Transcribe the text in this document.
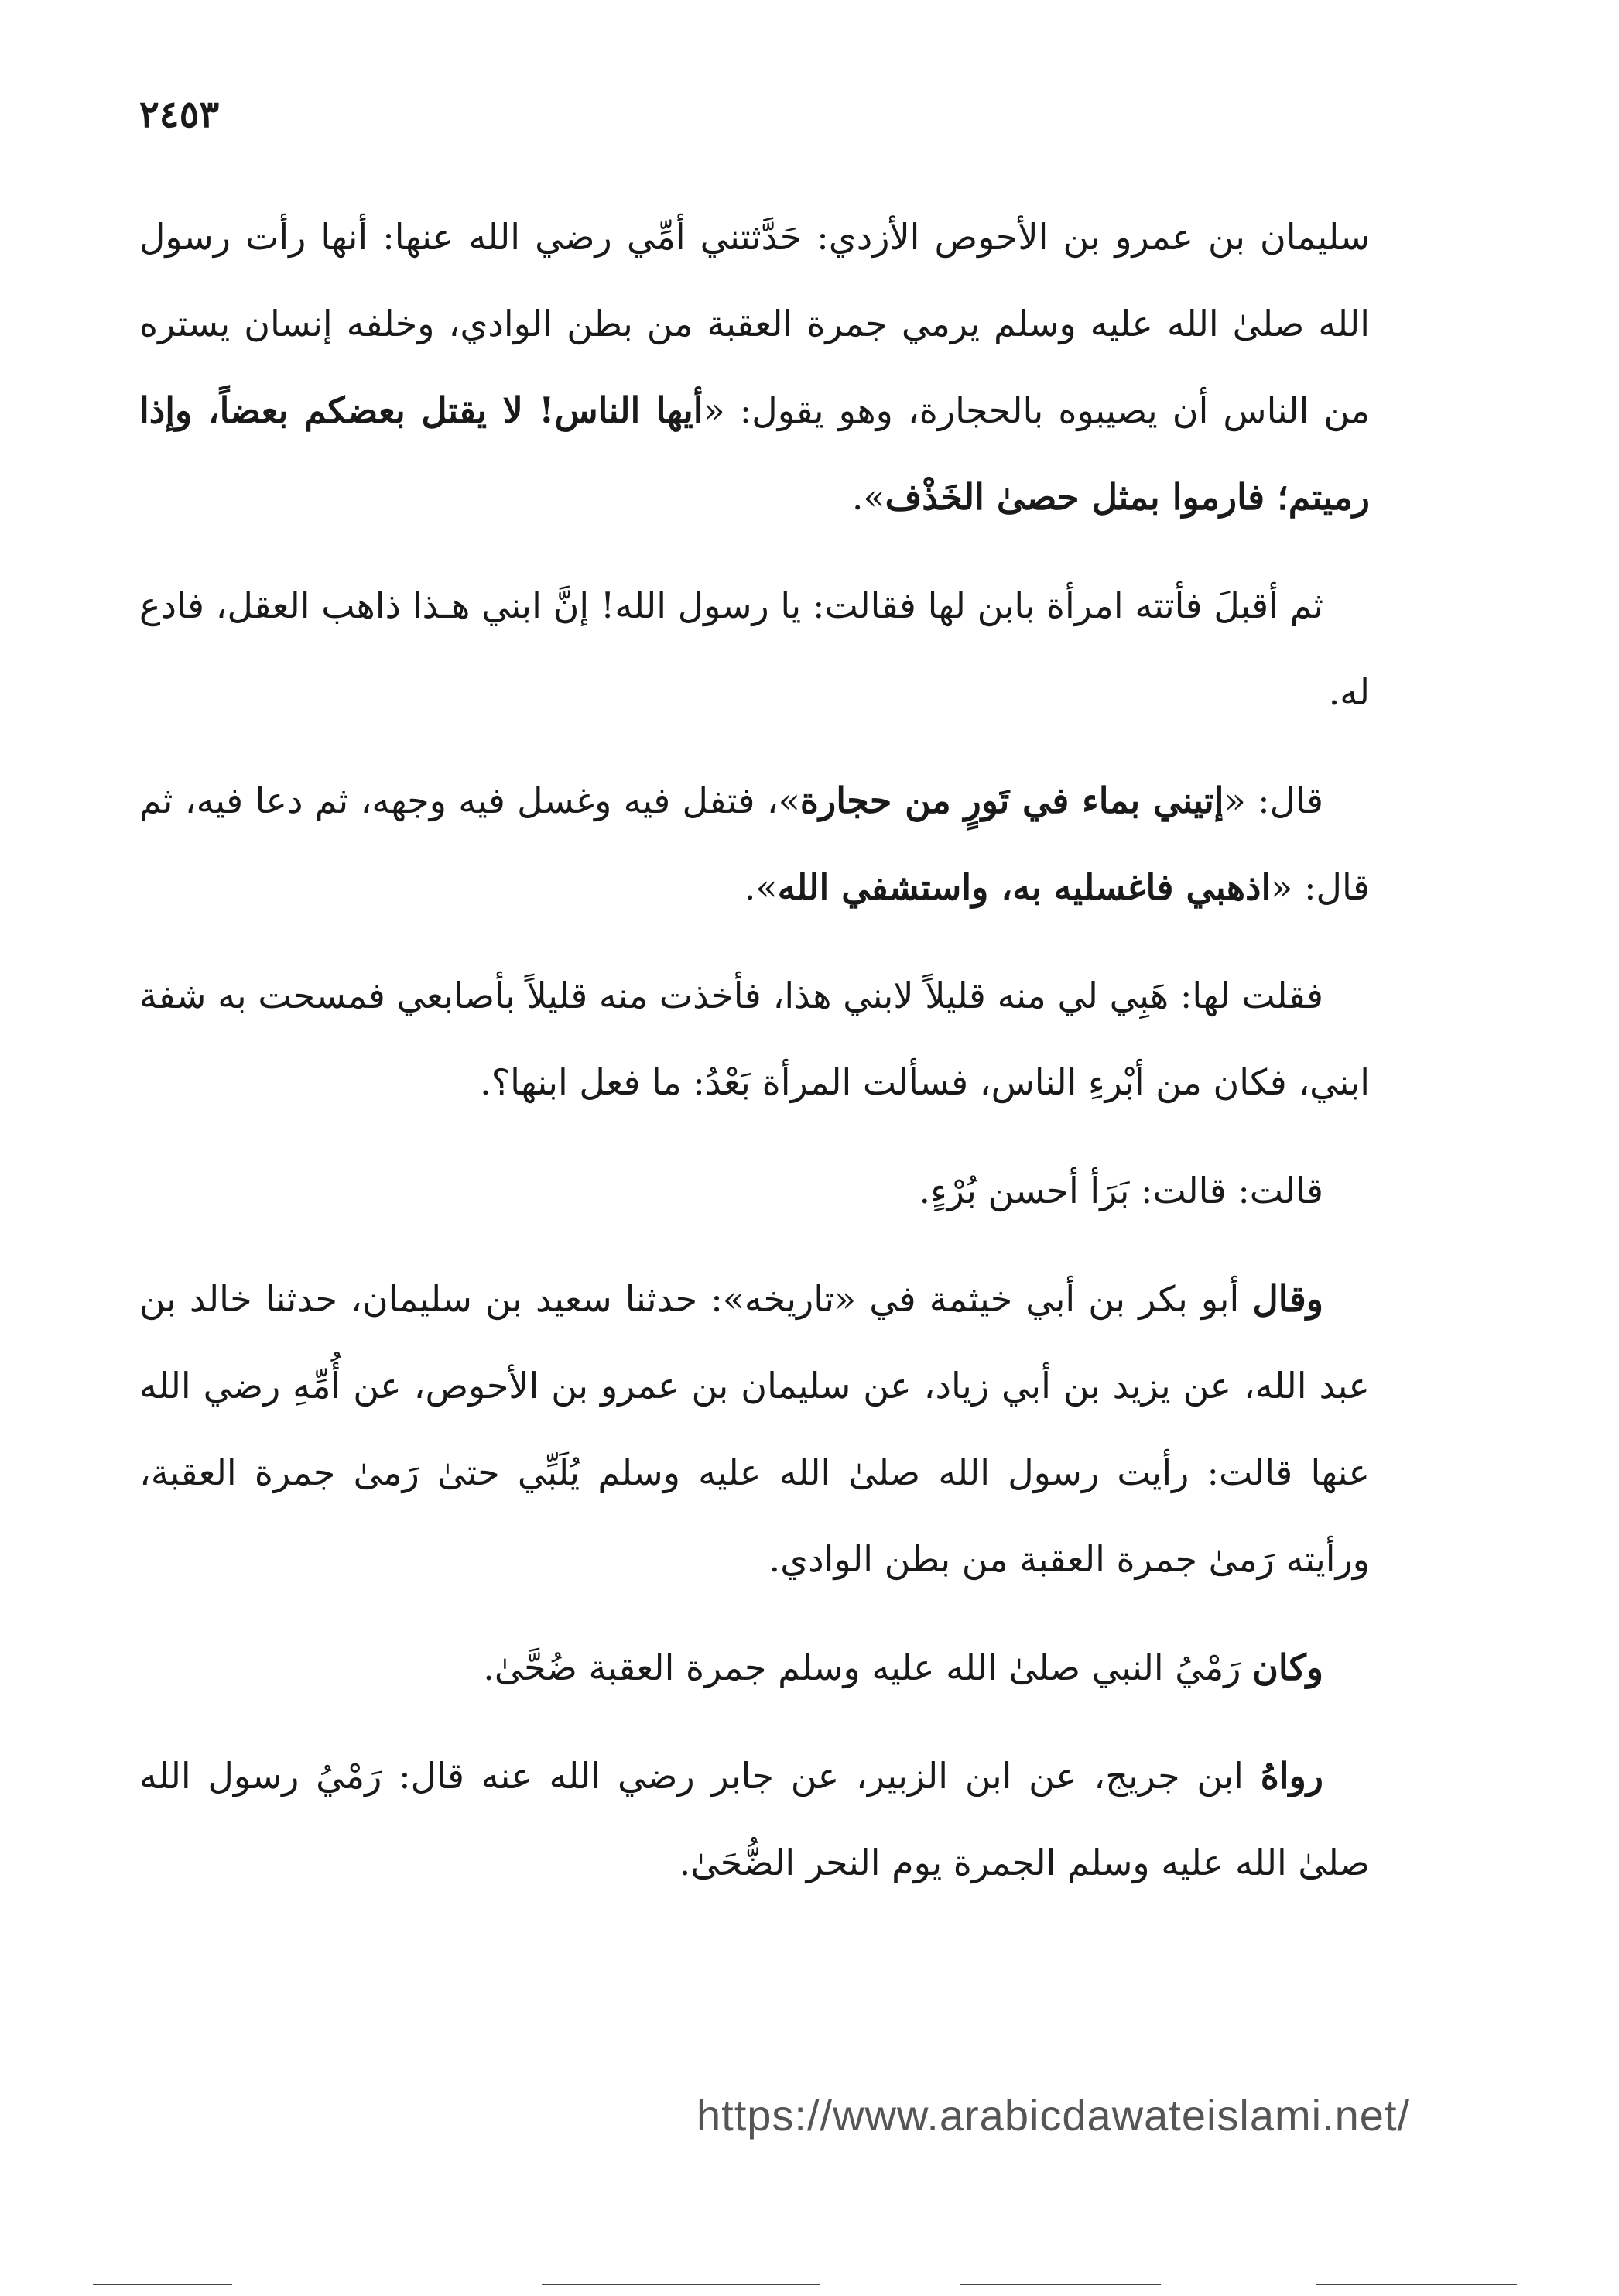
٢٤٥٣

سليمان بن عمرو بن الأحوص الأزدي: حَدَّثتني أمِّي رضي الله عنها: أنها رأت رسول الله صلىٰ الله عليه وسلم يرمي جمرة العقبة من بطن الوادي، وخلفه إنسان يستره من الناس أن يصيبوه بالحجارة، وهو يقول: «أيها الناس! لا يقتل بعضكم بعضاً، وإذا رميتم؛ فارموا بمثل حصىٰ الخَذْف».

ثم أقبلَ فأتته امرأة بابن لها فقالت: يا رسول الله! إنَّ ابني هـذا ذاهب العقل، فادع له.

قال: «إتيني بماء في تَورٍ من حجارة»، فتفل فيه وغسل فيه وجهه، ثم دعا فيه، ثم قال: «اذهبي فاغسليه به، واستشفي الله».

فقلت لها: هَبِي لي منه قليلاً لابني هذا، فأخذت منه قليلاً بأصابعي فمسحت به شفة ابني، فكان من أبْرءِ الناس، فسألت المرأة بَعْدُ: ما فعل ابنها؟.

قالت: قالت: بَرَأ أحسن بُرْءٍ.

وقال أبو بكر بن أبي خيثمة في «تاريخه»: حدثنا سعيد بن سليمان، حدثنا خالد بن عبد الله، عن يزيد بن أبي زياد، عن سليمان بن عمرو بن الأحوص، عن أُمِّهِ رضي الله عنها قالت: رأيت رسول الله صلىٰ الله عليه وسلم يُلَبِّي حتىٰ رَمىٰ جمرة العقبة، ورأيته رَمىٰ جمرة العقبة من بطن الوادي.

وكان رَمْيُ النبي صلىٰ الله عليه وسلم جمرة العقبة ضُحَّىٰ.

رواهُ ابن جريج، عن ابن الزبير، عن جابر رضي الله عنه قال: رَمْيُ رسول الله صلىٰ الله عليه وسلم الجمرة يوم النحر الضُّحَىٰ.

https://www.arabicdawateislami.net/
